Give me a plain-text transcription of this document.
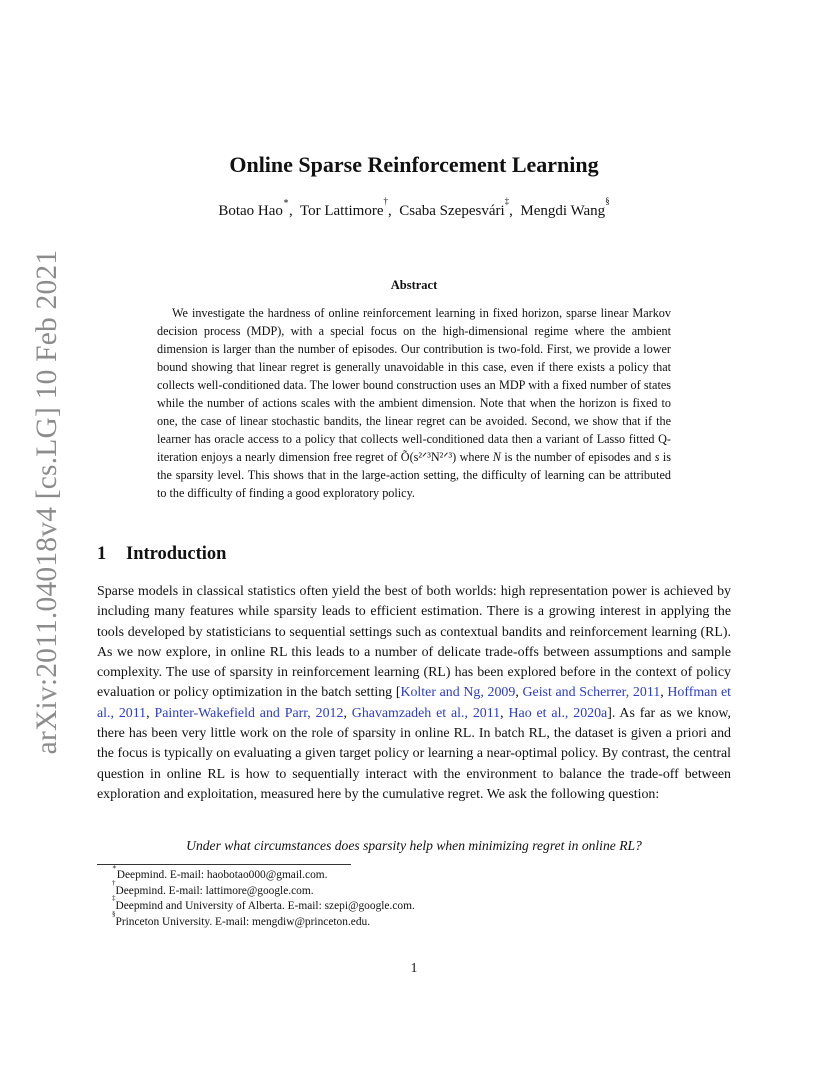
arXiv:2011.04018v4 [cs.LG] 10 Feb 2021
Online Sparse Reinforcement Learning
Botao Hao∗,  Tor Lattimore†,  Csaba Szepesvári‡,  Mengdi Wang§
Abstract

We investigate the hardness of online reinforcement learning in fixed horizon, sparse linear Markov decision process (MDP), with a special focus on the high-dimensional regime where the ambient dimension is larger than the number of episodes. Our contribution is two-fold. First, we provide a lower bound showing that linear regret is generally unavoidable in this case, even if there exists a policy that collects well-conditioned data. The lower bound construction uses an MDP with a fixed number of states while the number of actions scales with the ambient dimension. Note that when the horizon is fixed to one, the case of linear stochastic bandits, the linear regret can be avoided. Second, we show that if the learner has oracle access to a policy that collects well-conditioned data then a variant of Lasso fitted Q-iteration enjoys a nearly dimension free regret of Õ(s²ᐟ³N²ᐟ³) where N is the number of episodes and s is the sparsity level. This shows that in the large-action setting, the difficulty of learning can be attributed to the difficulty of finding a good exploratory policy.

1 Introduction

Sparse models in classical statistics often yield the best of both worlds: high representation power is achieved by including many features while sparsity leads to efficient estimation. There is a growing interest in applying the tools developed by statisticians to sequential settings such as contextual bandits and reinforcement learning (RL). As we now explore, in online RL this leads to a number of delicate trade-offs between assumptions and sample complexity. The use of sparsity in reinforcement learning (RL) has been explored before in the context of policy evaluation or policy optimization in the batch setting [Kolter and Ng, 2009, Geist and Scherrer, 2011, Hoffman et al., 2011, Painter-Wakefield and Parr, 2012, Ghavamzadeh et al., 2011, Hao et al., 2020a]. As far as we know, there has been very little work on the role of sparsity in online RL. In batch RL, the dataset is given a priori and the focus is typically on evaluating a given target policy or learning a near-optimal policy. By contrast, the central question in online RL is how to sequentially interact with the environment to balance the trade-off between exploration and exploitation, measured here by the cumulative regret. We ask the following question:

Under what circumstances does sparsity help when minimizing regret in online RL?
∗Deepmind. E-mail: haobotao000@gmail.com.
†Deepmind. E-mail: lattimore@google.com.
‡Deepmind and University of Alberta. E-mail: szepi@google.com.
§Princeton University. E-mail: mengdiw@princeton.edu.
1
